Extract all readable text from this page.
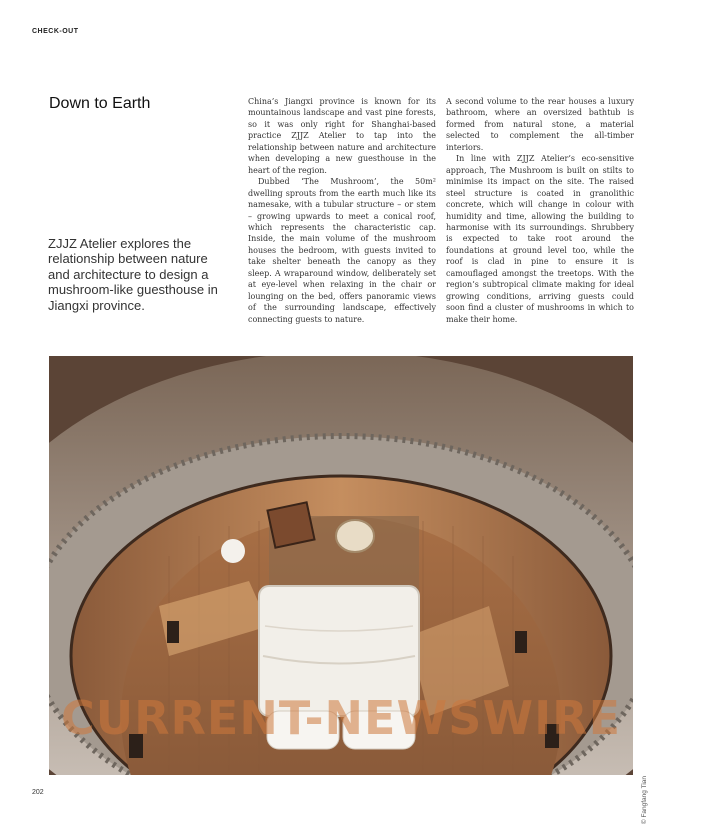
CHECK-OUT
Down to Earth

ZJJZ Atelier explores the relationship between nature and architecture to design a mushroom-like guesthouse in Jiangxi province.

China’s Jiangxi province is known for its mountainous landscape and vast pine forests, so it was only right for Shanghai-based practice ZJJZ Atelier to tap into the relationship between nature and architecture when developing a new guesthouse in the heart of the region.

Dubbed ‘The Mushroom’, the 50m² dwelling sprouts from the earth much like its namesake, with a tubular structure – or stem – growing upwards to meet a conical roof, which represents the characteristic cap. Inside, the main volume of the mushroom houses the bedroom, with guests invited to take shelter beneath the canopy as they sleep. A wraparound window, deliberately set at eye-level when relaxing in the chair or lounging on the bed, offers panoramic views of the surrounding landscape, effectively connecting guests to nature.

A second volume to the rear houses a luxury bathroom, where an oversized bathtub is formed from natural stone, a material selected to complement the all-timber interiors.

In line with ZJJZ Atelier’s eco-sensitive approach, The Mushroom is built on stilts to minimise its impact on the site. The raised steel structure is coated in granolithic concrete, which will change in colour with humidity and time, allowing the building to harmonise with its surroundings. Shrubbery is expected to take root around the foundations at ground level too, while the roof is clad in pine to ensure it is camouflaged amongst the treetops. With the region’s subtropical climate making for ideal growing conditions, arriving guests could soon find a cluster of mushrooms in which to make their home.

CURRENT-NEWSWIRE
© Fangfang Tian
202
